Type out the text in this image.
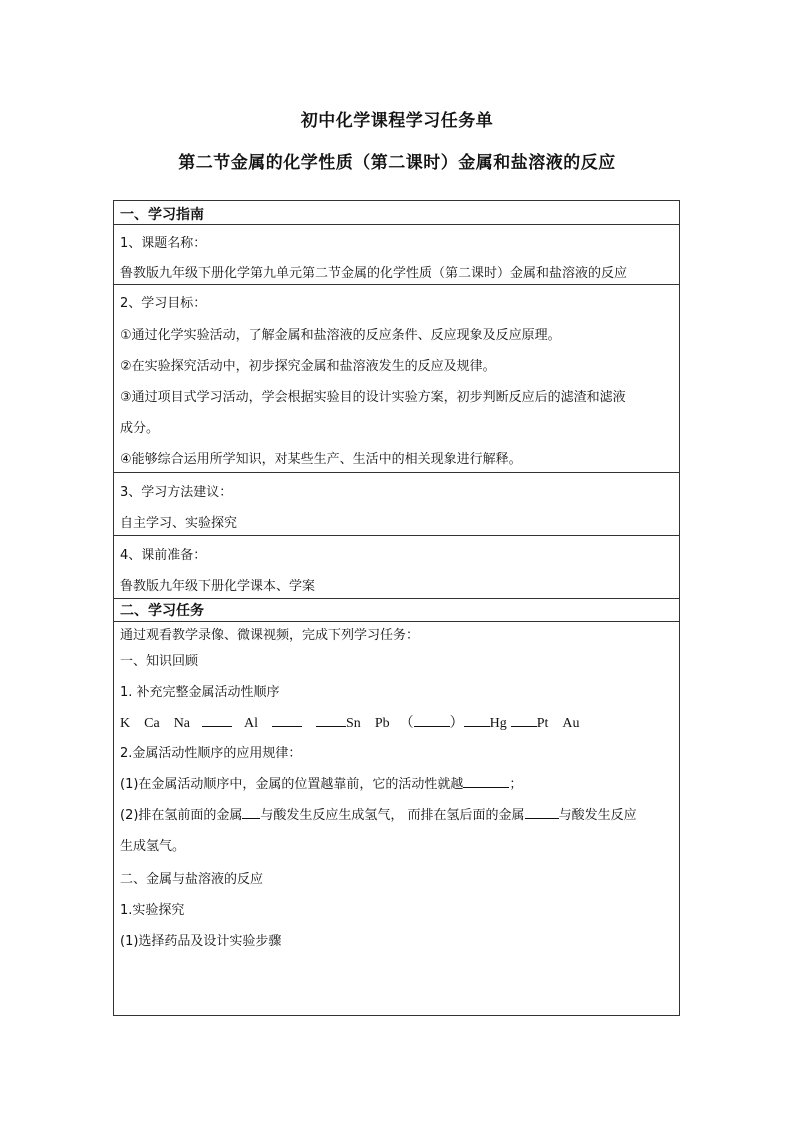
初中化学课程学习任务单
第二节金属的化学性质（第二课时）金属和盐溶液的反应
一、学习指南
1、课题名称：
鲁教版九年级下册化学第九单元第二节金属的化学性质（第二课时）金属和盐溶液的反应
2、学习目标：
①通过化学实验活动，了解金属和盐溶液的反应条件、反应现象及反应原理。
②在实验探究活动中，初步探究金属和盐溶液发生的反应及规律。
③通过项目式学习活动，学会根据实验目的设计实验方案，初步判断反应后的滤渣和滤液
成分。
④能够综合运用所学知识，对某些生产、生活中的相关现象进行解释。
3、学习方法建议：
自主学习、实验探究
4、课前准备：
鲁教版九年级下册化学课本、学案
二、学习任务
通过观看教学录像、微课视频，完成下列学习任务：
一、知识回顾
1. 补充完整金属活动性顺序
K Ca Na	Al	Sn Pb （	） Hg Pt Au
2.金属活动性顺序的应用规律：
(1)在金属活动顺序中，金属的位置越靠前，它的活动性就越	；
(2)排在氢前面的金属 与酸发生反应生成氢气， 而排在氢后面的金属	与酸发生反应
生成氢气。
二、金属与盐溶液的反应
1.实验探究
(1)选择药品及设计实验步骤
